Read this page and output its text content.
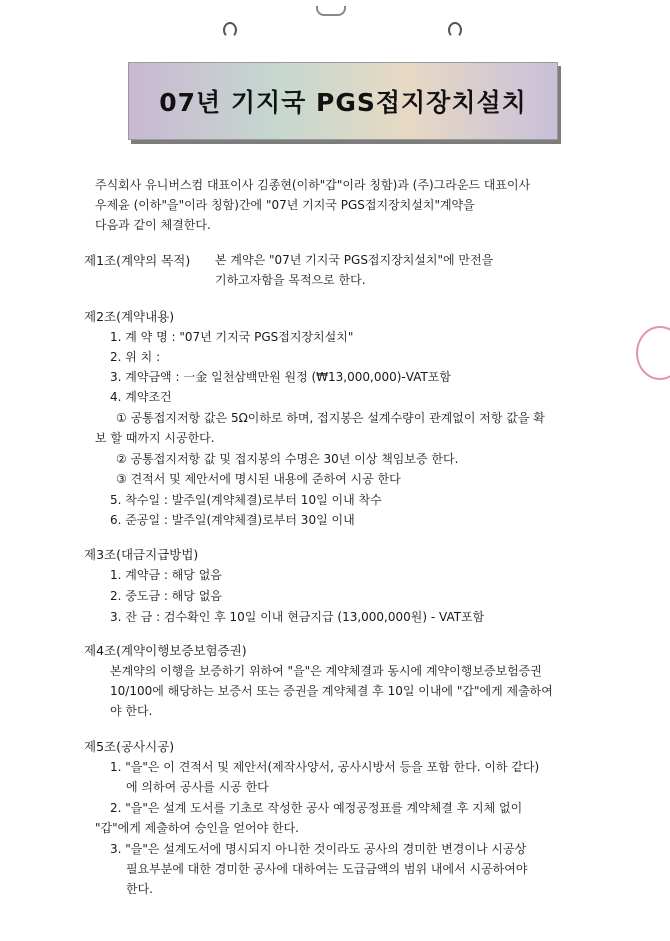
07년 기지국 PGS접지장치설치
주식회사 유니버스컴 대표이사 김종현(이하"갑"이라 칭함)과 (주)그라운드 대표이사
우제윤 (이하"을"이라 칭함)간에 "07년 기지국 PGS접지장치설치"계약을
다음과 같이 체결한다.
제1조(계약의 목적) 본 계약은 "07년 기지국 PGS접지장치설치"에 만전을
기하고자함을 목적으로 한다.
제2조(계약내용)
1. 계 약 명 : "07년 기지국 PGS접지장치설치"
2. 위 치 :
3. 계약금액 : 一金 일천삼백만원 원정 (₩13,000,000)-VAT포함
4. 계약조건
① 공통접지저항 값은 5Ω이하로 하며, 접지봉은 설계수량이 관계없이 저항 값을 확
보 할 때까지 시공한다.
② 공통접지저항 값 및 접지봉의 수명은 30년 이상 책임보증 한다.
③ 견적서 및 제안서에 명시된 내용에 준하여 시공 한다
5. 착수일 : 발주일(계약체결)로부터 10일 이내 착수
6. 준공일 : 발주일(계약체결)로부터 30일 이내
제3조(대금지급방법)
1. 계약금 : 해당 없음
2. 중도금 : 해당 없음
3. 잔 금 : 검수확인 후 10일 이내 현금지급 (13,000,000원) - VAT포함
제4조(계약이행보증보험증권)
본계약의 이행을 보증하기 위하여 "을"은 계약체결과 동시에 계약이행보증보험증권
10/100에 해당하는 보증서 또는 증권을 계약체결 후 10일 이내에 "갑"에게 제출하여
야 한다.
제5조(공사시공)
1. "을"은 이 견적서 및 제안서(제작사양서, 공사시방서 등을 포함 한다. 이하 같다)
에 의하여 공사를 시공 한다
2. "을"은 설계 도서를 기초로 작성한 공사 예정공정표를 계약체결 후 지체 없이
"갑"에게 제출하여 승인을 얻어야 한다.
3. "을"은 설계도서에 명시되지 아니한 것이라도 공사의 경미한 변경이나 시공상
필요부분에 대한 경미한 공사에 대하여는 도급금액의 범위 내에서 시공하여야
한다.
